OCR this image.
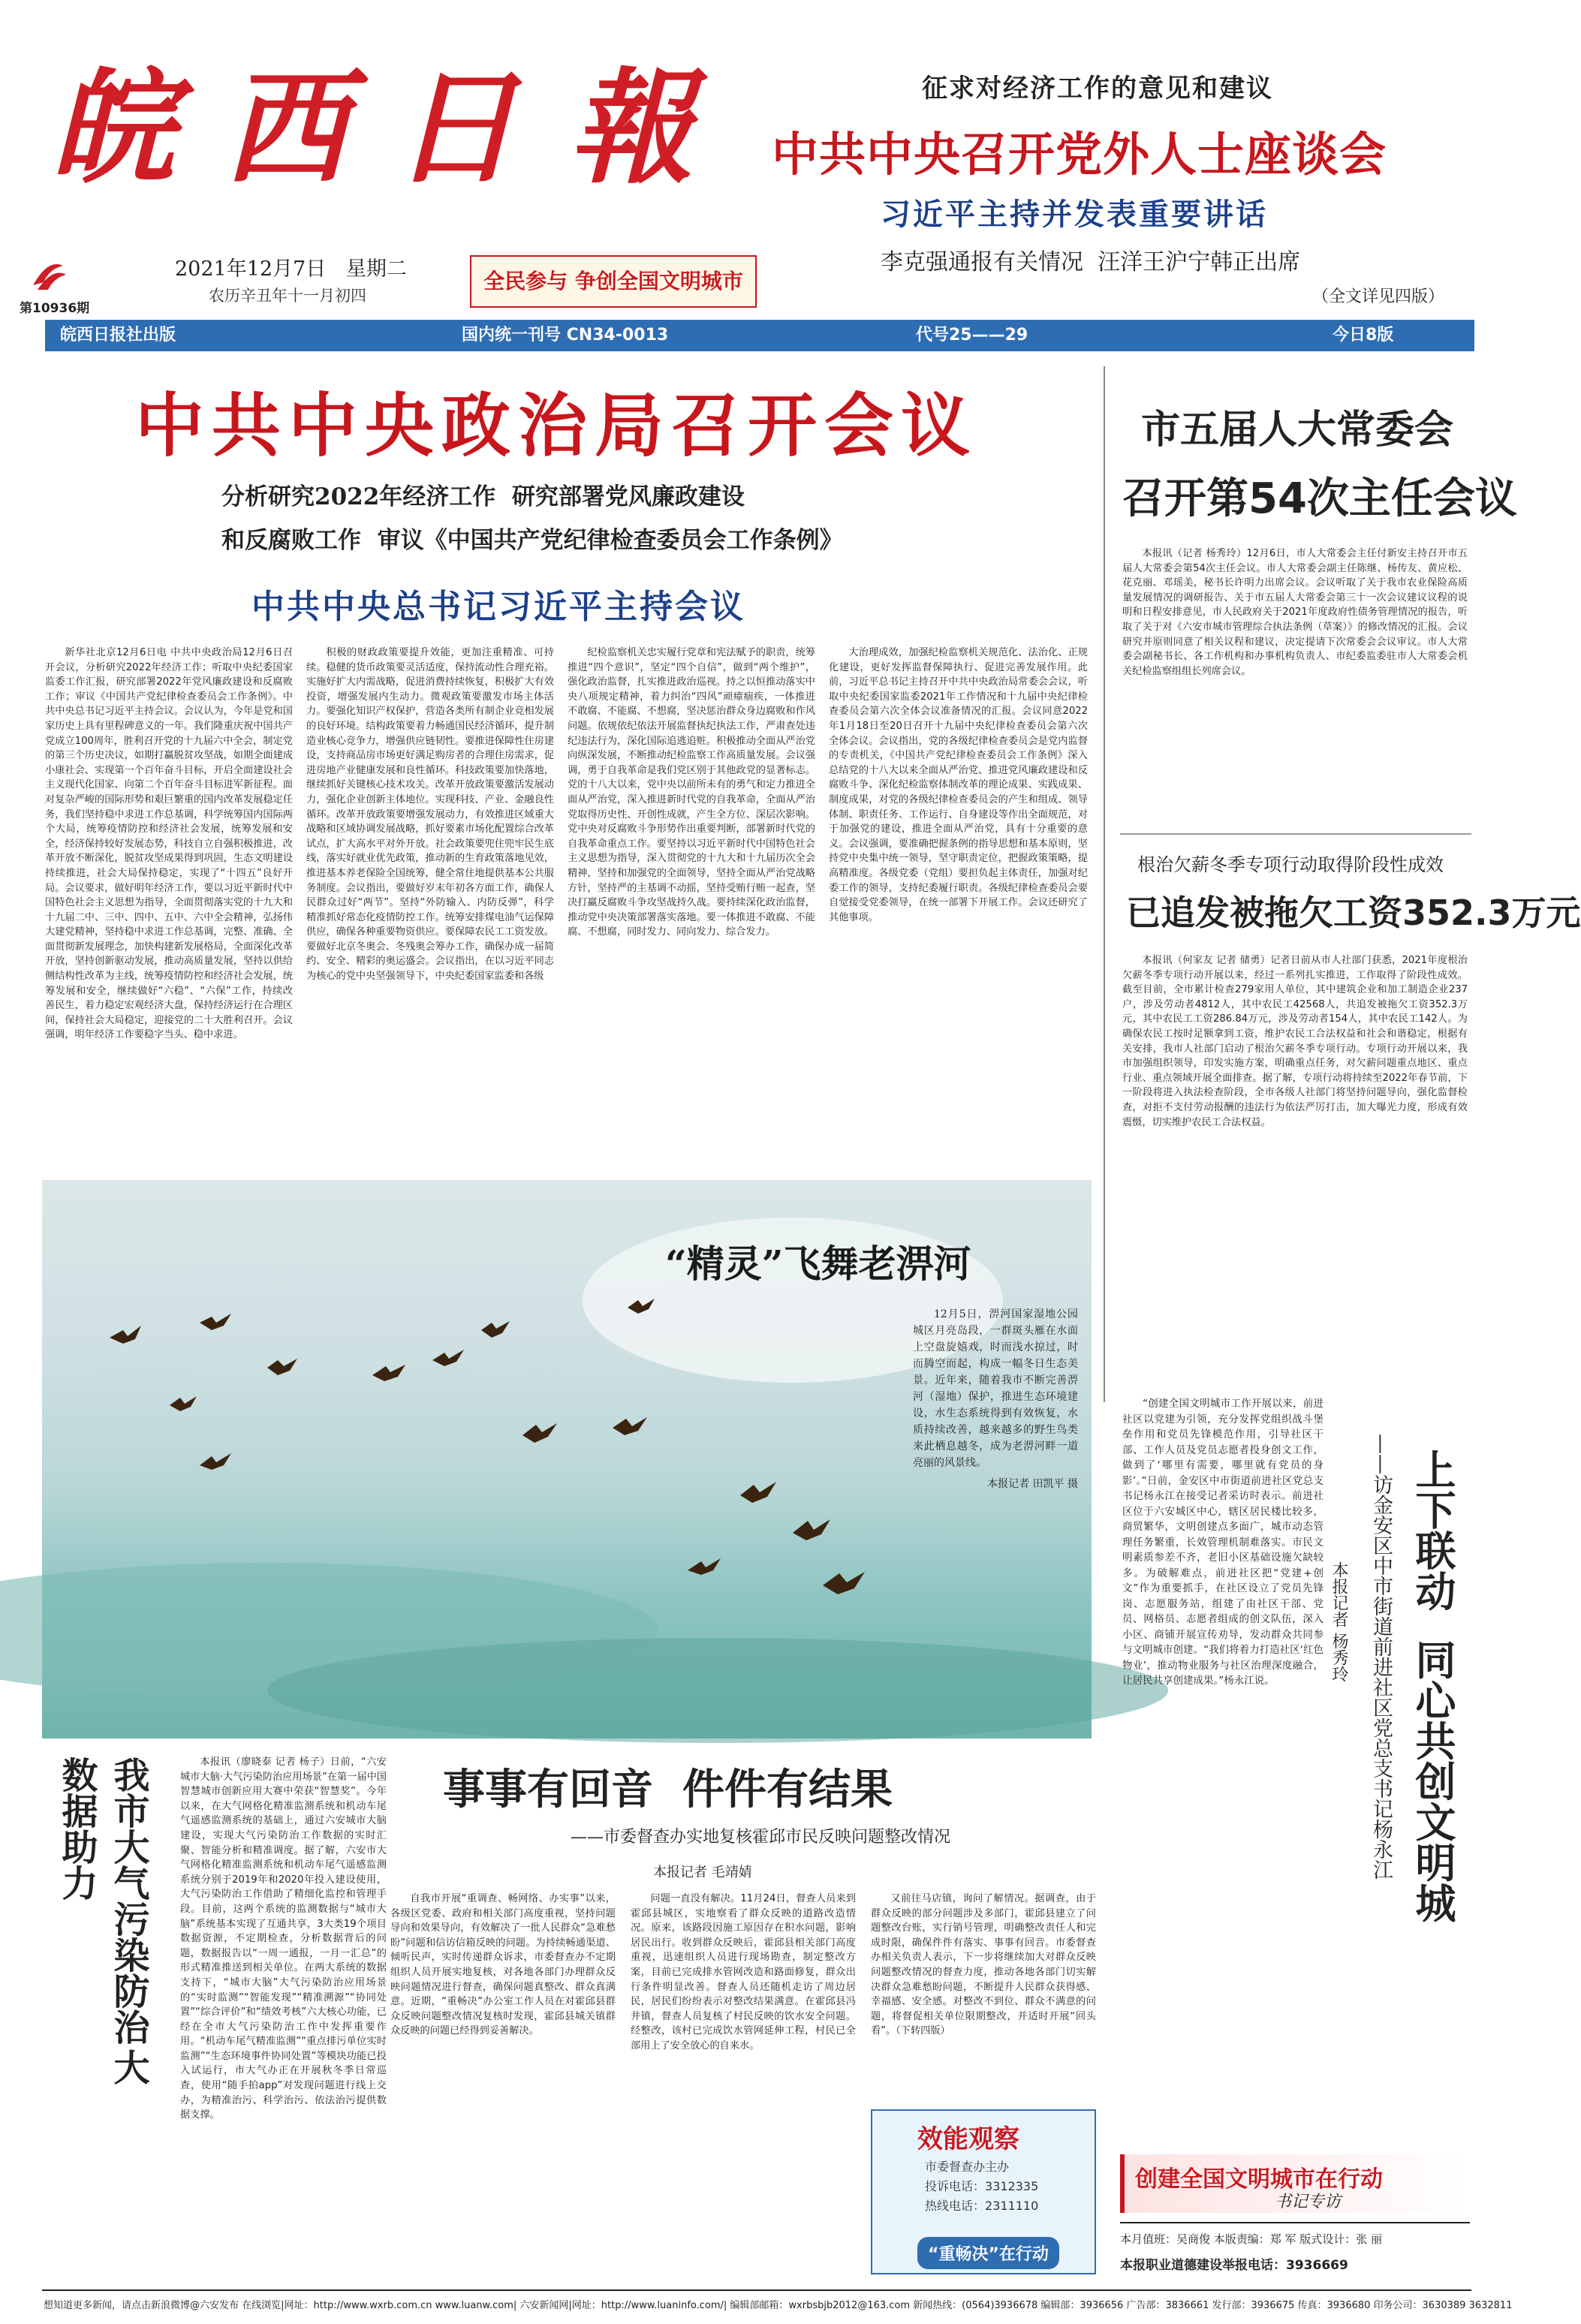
皖 西 日 報
第10936期
2021年12月7日 星期二
农历辛丑年十一月初四
全民参与 争创全国文明城市
征求对经济工作的意见和建议
中共中央召开党外人士座谈会
习近平主持并发表重要讲话
李克强通报有关情况  汪洋王沪宁韩正出席
（全文详见四版）
皖西日报社出版	国内统一刊号 CN34-0013	代号25——29	今日8版
中共中央政治局召开会议
分析研究2022年经济工作  研究部署党风廉政建设
和反腐败工作  审议《中国共产党纪律检查委员会工作条例》
中共中央总书记习近平主持会议

新华社北京12月6日电 中共中央政治局12月6日召开会议，分析研究2022年经济工作；听取中央纪委国家监委工作汇报，研究部署2022年党风廉政建设和反腐败工作；审议《中国共产党纪律检查委员会工作条例》。中共中央总书记习近平主持会议。会议认为，今年是党和国家历史上具有里程碑意义的一年。我们隆重庆祝中国共产党成立100周年，胜利召开党的十九届六中全会，制定党的第三个历史决议，如期打赢脱贫攻坚战，如期全面建成小康社会、实现第一个百年奋斗目标，开启全面建设社会主义现代化国家、向第二个百年奋斗目标进军新征程。面对复杂严峻的国际形势和艰巨繁重的国内改革发展稳定任务，我们坚持稳中求进工作总基调，科学统筹国内国际两个大局，统筹疫情防控和经济社会发展，统筹发展和安全，经济保持较好发展态势，科技自立自强积极推进，改革开放不断深化，脱贫攻坚成果得到巩固，生态文明建设持续推进，社会大局保持稳定，实现了“十四五”良好开局。会议要求，做好明年经济工作，要以习近平新时代中国特色社会主义思想为指导，全面贯彻落实党的十九大和十九届二中、三中、四中、五中、六中全会精神，弘扬伟大建党精神，坚持稳中求进工作总基调，完整、准确、全面贯彻新发展理念，加快构建新发展格局，全面深化改革开放，坚持创新驱动发展，推动高质量发展，坚持以供给侧结构性改革为主线，统筹疫情防控和经济社会发展，统筹发展和安全，继续做好“六稳”、“六保”工作，持续改善民生，着力稳定宏观经济大盘，保持经济运行在合理区间，保持社会大局稳定，迎接党的二十大胜利召开。会议强调，明年经济工作要稳字当头、稳中求进。

积极的财政政策要提升效能，更加注重精准、可持续。稳健的货币政策要灵活适度，保持流动性合理充裕。实施好扩大内需战略，促进消费持续恢复，积极扩大有效投资，增强发展内生动力。微观政策要激发市场主体活力。要强化知识产权保护，营造各类所有制企业竞相发展的良好环境。结构政策要着力畅通国民经济循环，提升制造业核心竞争力，增强供应链韧性。要推进保障性住房建设，支持商品房市场更好满足购房者的合理住房需求，促进房地产业健康发展和良性循环。科技政策要加快落地，继续抓好关键核心技术攻关。改革开放政策要激活发展动力，强化企业创新主体地位。实现科技、产业、金融良性循环。改革开放政策要增强发展动力，有效推进区域重大战略和区域协调发展战略，抓好要素市场化配置综合改革试点，扩大高水平对外开放。社会政策要兜住兜牢民生底线，落实好就业优先政策，推动新的生育政策落地见效，推进基本养老保险全国统筹，健全常住地提供基本公共服务制度。会议指出，要做好岁末年初各方面工作，确保人民群众过好“两节”。坚持“外防输入、内防反弹”，科学精准抓好常态化疫情防控工作。统筹安排煤电油气运保障供应，确保各种重要物资供应。要保障农民工工资发放。要做好北京冬奥会、冬残奥会筹办工作，确保办成一届简约、安全、精彩的奥运盛会。会议指出，在以习近平同志为核心的党中央坚强领导下，中央纪委国家监委和各级

纪检监察机关忠实履行党章和宪法赋予的职责，统筹推进“四个意识”，坚定“四个自信”，做到“两个维护”，强化政治监督，扎实推进政治巡视。持之以恒推动落实中央八项规定精神，着力纠治“四风”顽瘴痼疾，一体推进不敢腐、不能腐、不想腐，坚决惩治群众身边腐败和作风问题。依规依纪依法开展监督执纪执法工作，严肃查处违纪违法行为，深化国际追逃追赃。积极推动全面从严治党向纵深发展，不断推动纪检监察工作高质量发展。会议强调，勇于自我革命是我们党区别于其他政党的显著标志。党的十八大以来，党中央以前所未有的勇气和定力推进全面从严治党，深入推进新时代党的自我革命，全面从严治党取得历史性、开创性成就，产生全方位、深层次影响。党中央对反腐败斗争形势作出重要判断，部署新时代党的自我革命重点工作。要坚持以习近平新时代中国特色社会主义思想为指导，深入贯彻党的十九大和十九届历次全会精神，坚持和加强党的全面领导，坚持全面从严治党战略方针，坚持严的主基调不动摇，坚持受贿行贿一起查，坚决打赢反腐败斗争攻坚战持久战。要持续深化政治监督，推动党中央决策部署落实落地。要一体推进不敢腐、不能腐、不想腐，同时发力、同向发力、综合发力。

大治理成效，加强纪检监察机关规范化、法治化、正规化建设，更好发挥监督保障执行、促进完善发展作用。此前，习近平总书记主持召开中共中央政治局常委会会议，听取中央纪委国家监委2021年工作情况和十九届中央纪律检查委员会第六次全体会议准备情况的汇报。会议同意2022年1月18日至20日召开十九届中央纪律检查委员会第六次全体会议。会议指出，党的各级纪律检查委员会是党内监督的专责机关，《中国共产党纪律检查委员会工作条例》深入总结党的十八大以来全面从严治党、推进党风廉政建设和反腐败斗争、深化纪检监察体制改革的理论成果、实践成果、制度成果，对党的各级纪律检查委员会的产生和组成、领导体制、职责任务、工作运行、自身建设等作出全面规范，对于加强党的建设，推进全面从严治党，具有十分重要的意义。会议强调，要准确把握条例的指导思想和基本原则，坚持党中央集中统一领导，坚守职责定位，把握政策策略，提高精准度。各级党委（党组）要担负起主体责任，加强对纪委工作的领导，支持纪委履行职责。各级纪律检查委员会要自觉接受党委领导，在统一部署下开展工作。会议还研究了其他事项。

市五届人大常委会
召开第54次主任会议

本报讯（记者 杨秀玲）12月6日，市人大常委会主任付新安主持召开市五届人大常委会第54次主任会议。市人大常委会副主任陈继、杨传友、黄应松、花克丽、邓瑶美，秘书长许明力出席会议。会议听取了关于我市农业保险高质量发展情况的调研报告、关于市五届人大常委会第三十一次会议建议议程的说明和日程安排意见，市人民政府关于2021年度政府性债务管理情况的报告，听取了关于对《六安市城市管理综合执法条例（草案）》的修改情况的汇报。会议研究并原则同意了相关议程和建议，决定提请下次常委会会议审议。市人大常委会副秘书长、各工作机构和办事机构负责人、市纪委监委驻市人大常委会机关纪检监察组组长列席会议。

根治欠薪冬季专项行动取得阶段性成效
已追发被拖欠工资352.3万元

本报讯（何家友 记者 储勇）记者日前从市人社部门获悉，2021年度根治欠薪冬季专项行动开展以来，经过一系列扎实推进，工作取得了阶段性成效。截至目前，全市累计检查279家用人单位，其中建筑企业和加工制造企业237户，涉及劳动者4812人，其中农民工42568人，共追发被拖欠工资352.3万元，其中农民工工资286.84万元，涉及劳动者154人，其中农民工142人。为确保农民工按时足额拿到工资，维护农民工合法权益和社会和谐稳定，根据有关安排，我市人社部门启动了根治欠薪冬季专项行动。专项行动开展以来，我市加强组织领导，印发实施方案，明确重点任务，对欠薪问题重点地区、重点行业、重点领域开展全面排查。据了解，专项行动将持续至2022年春节前，下一阶段将进入执法检查阶段，全市各级人社部门将坚持问题导向，强化监督检查，对拒不支付劳动报酬的违法行为依法严厉打击，加大曝光力度，形成有效震慑，切实维护农民工合法权益。

“精灵”飞舞老淠河

12月5日，淠河国家湿地公园城区月亮岛段，一群斑头雁在水面上空盘旋嬉戏，时而浅水掠过，时而腾空而起，构成一幅冬日生态美景。近年来，随着我市不断完善淠河（湿地）保护，推进生态环境建设，水生态系统得到有效恢复，水质持续改善，越来越多的野生鸟类来此栖息越冬，成为老淠河畔一道亮丽的风景线。

本报记者 田凯平 摄

“创建全国文明城市工作开展以来，前进社区以党建为引领，充分发挥党组织战斗堡垒作用和党员先锋模范作用，引导社区干部、工作人员及党员志愿者投身创文工作，做到了‘哪里有需要，哪里就有党员的身影’。”日前，金安区中市街道前进社区党总支书记杨永江在接受记者采访时表示。前进社区位于六安城区中心，辖区居民楼比较多，商贸繁华，文明创建点多面广，城市动态管理任务繁重，长效管理机制难落实。市民文明素质参差不齐，老旧小区基础设施欠缺较多。为破解难点，前进社区把“党建+创文”作为重要抓手，在社区设立了党员先锋岗、志愿服务站，组建了由社区干部、党员、网格员、志愿者组成的创文队伍，深入小区、商铺开展宣传劝导，发动群众共同参与文明城市创建。“我们将着力打造社区‘红色物业’，推动物业服务与社区治理深度融合，让居民共享创建成果。”杨永江说。	上下联动  同心共创文明城
——访金安区中市街道前进社区党总支书记杨永江
本报记者 杨秀玲
创建全国文明城市在行动
书记专访
本月值班：吴商俊 本版责编：郑 军 版式设计：张 丽
本报职业道德建设举报电话：3936669
我市大气污染防治 大数据助力	本报讯（廖晓泰 记者 杨子）日前，“六安城市大脑·大气污染防治应用场景”在第一届中国智慧城市创新应用大赛中荣获“智慧奖”。今年以来，在大气网格化精准监测系统和机动车尾气遥感监测系统的基础上，通过六安城市大脑建设，实现大气污染防治工作数据的实时汇聚、智能分析和精准调度。据了解，六安市大气网格化精准监测系统和机动车尾气遥感监测系统分别于2019年和2020年投入建设使用，大气污染防治工作借助了精细化监控和管理手段。目前，这两个系统的监测数据与“城市大脑”系统基本实现了互通共享，3大类19个项目数据资源，不定期检查，分析数据背后的问题，数据报告以“一周一通报，一月一汇总”的形式精准推送到相关单位。在两大系统的数据支持下，“城市大脑”大气污染防治应用场景的“实时监测”“智能发现”“精准溯源”“协同处置”“综合评价”和“绩效考核”六大核心功能，已经在全市大气污染防治工作中发挥重要作用。“机动车尾气精准监测”“重点排污单位实时监测”“生态环境事件协同处置”等模块功能已投入试运行，市大气办正在开展秋冬季日常巡查，使用“随手拍app”对发现问题进行线上交办，为精准治污、科学治污、依法治污提供数据支撑。

事事有回音  件件有结果
——市委督查办实地复核霍邱市民反映问题整改情况
本报记者 毛靖婧

自我市开展“重调查、畅网络、办实事”以来，各级区党委、政府和相关部门高度重视，坚持问题导向和效果导向，有效解决了一批人民群众“急难愁盼”问题和信访信箱反映的问题。为持续畅通渠道、倾听民声，实时传递群众诉求，市委督查办不定期组织人员开展实地复核，对各地各部门办理群众反映问题情况进行督查，确保问题真整改、群众真满意。近期，“重畅决”办公室工作人员在对霍邱县群众反映问题整改情况复核时发现，霍邱县城关镇群众反映的问题已经得到妥善解决。

问题一直没有解决。11月24日，督查人员来到霍邱县城区，实地察看了群众反映的道路改造情况。原来，该路段因施工原因存在积水问题，影响居民出行。收到群众反映后，霍邱县相关部门高度重视，迅速组织人员进行现场勘查，制定整改方案，目前已完成排水管网改造和路面修复，群众出行条件明显改善。督查人员还随机走访了周边居民，居民们纷纷表示对整改结果满意。在霍邱县冯井镇，督查人员复核了村民反映的饮水安全问题。经整改，该村已完成饮水管网延伸工程，村民已全部用上了安全放心的自来水。

又前往马店镇，询问了解情况。据调查，由于群众反映的部分问题涉及多部门，霍邱县建立了问题整改台账，实行销号管理，明确整改责任人和完成时限，确保件件有落实、事事有回音。市委督查办相关负责人表示，下一步将继续加大对群众反映问题整改情况的督查力度，推动各地各部门切实解决群众急难愁盼问题，不断提升人民群众获得感、幸福感、安全感。对整改不到位、群众不满意的问题，将督促相关单位限期整改，并适时开展“回头看”。（下转四版）

效能观察
市委督查办主办
投诉电话：3312335
热线电话：2311110
“重畅决”在行动
想知道更多新闻，请点击新浪微博@六安发布 在线浏览|网址：http://www.wxrb.com.cn www.luanw.com| 六安新闻网|网址：http://www.luaninfo.com/| 编辑部邮箱：wxrbsbjb2012@163.com 新闻热线：(0564)3936678 编辑部：3936656 广告部：3836661 发行部：3936675 传真：3936680 印务公司：3630389 3632811
